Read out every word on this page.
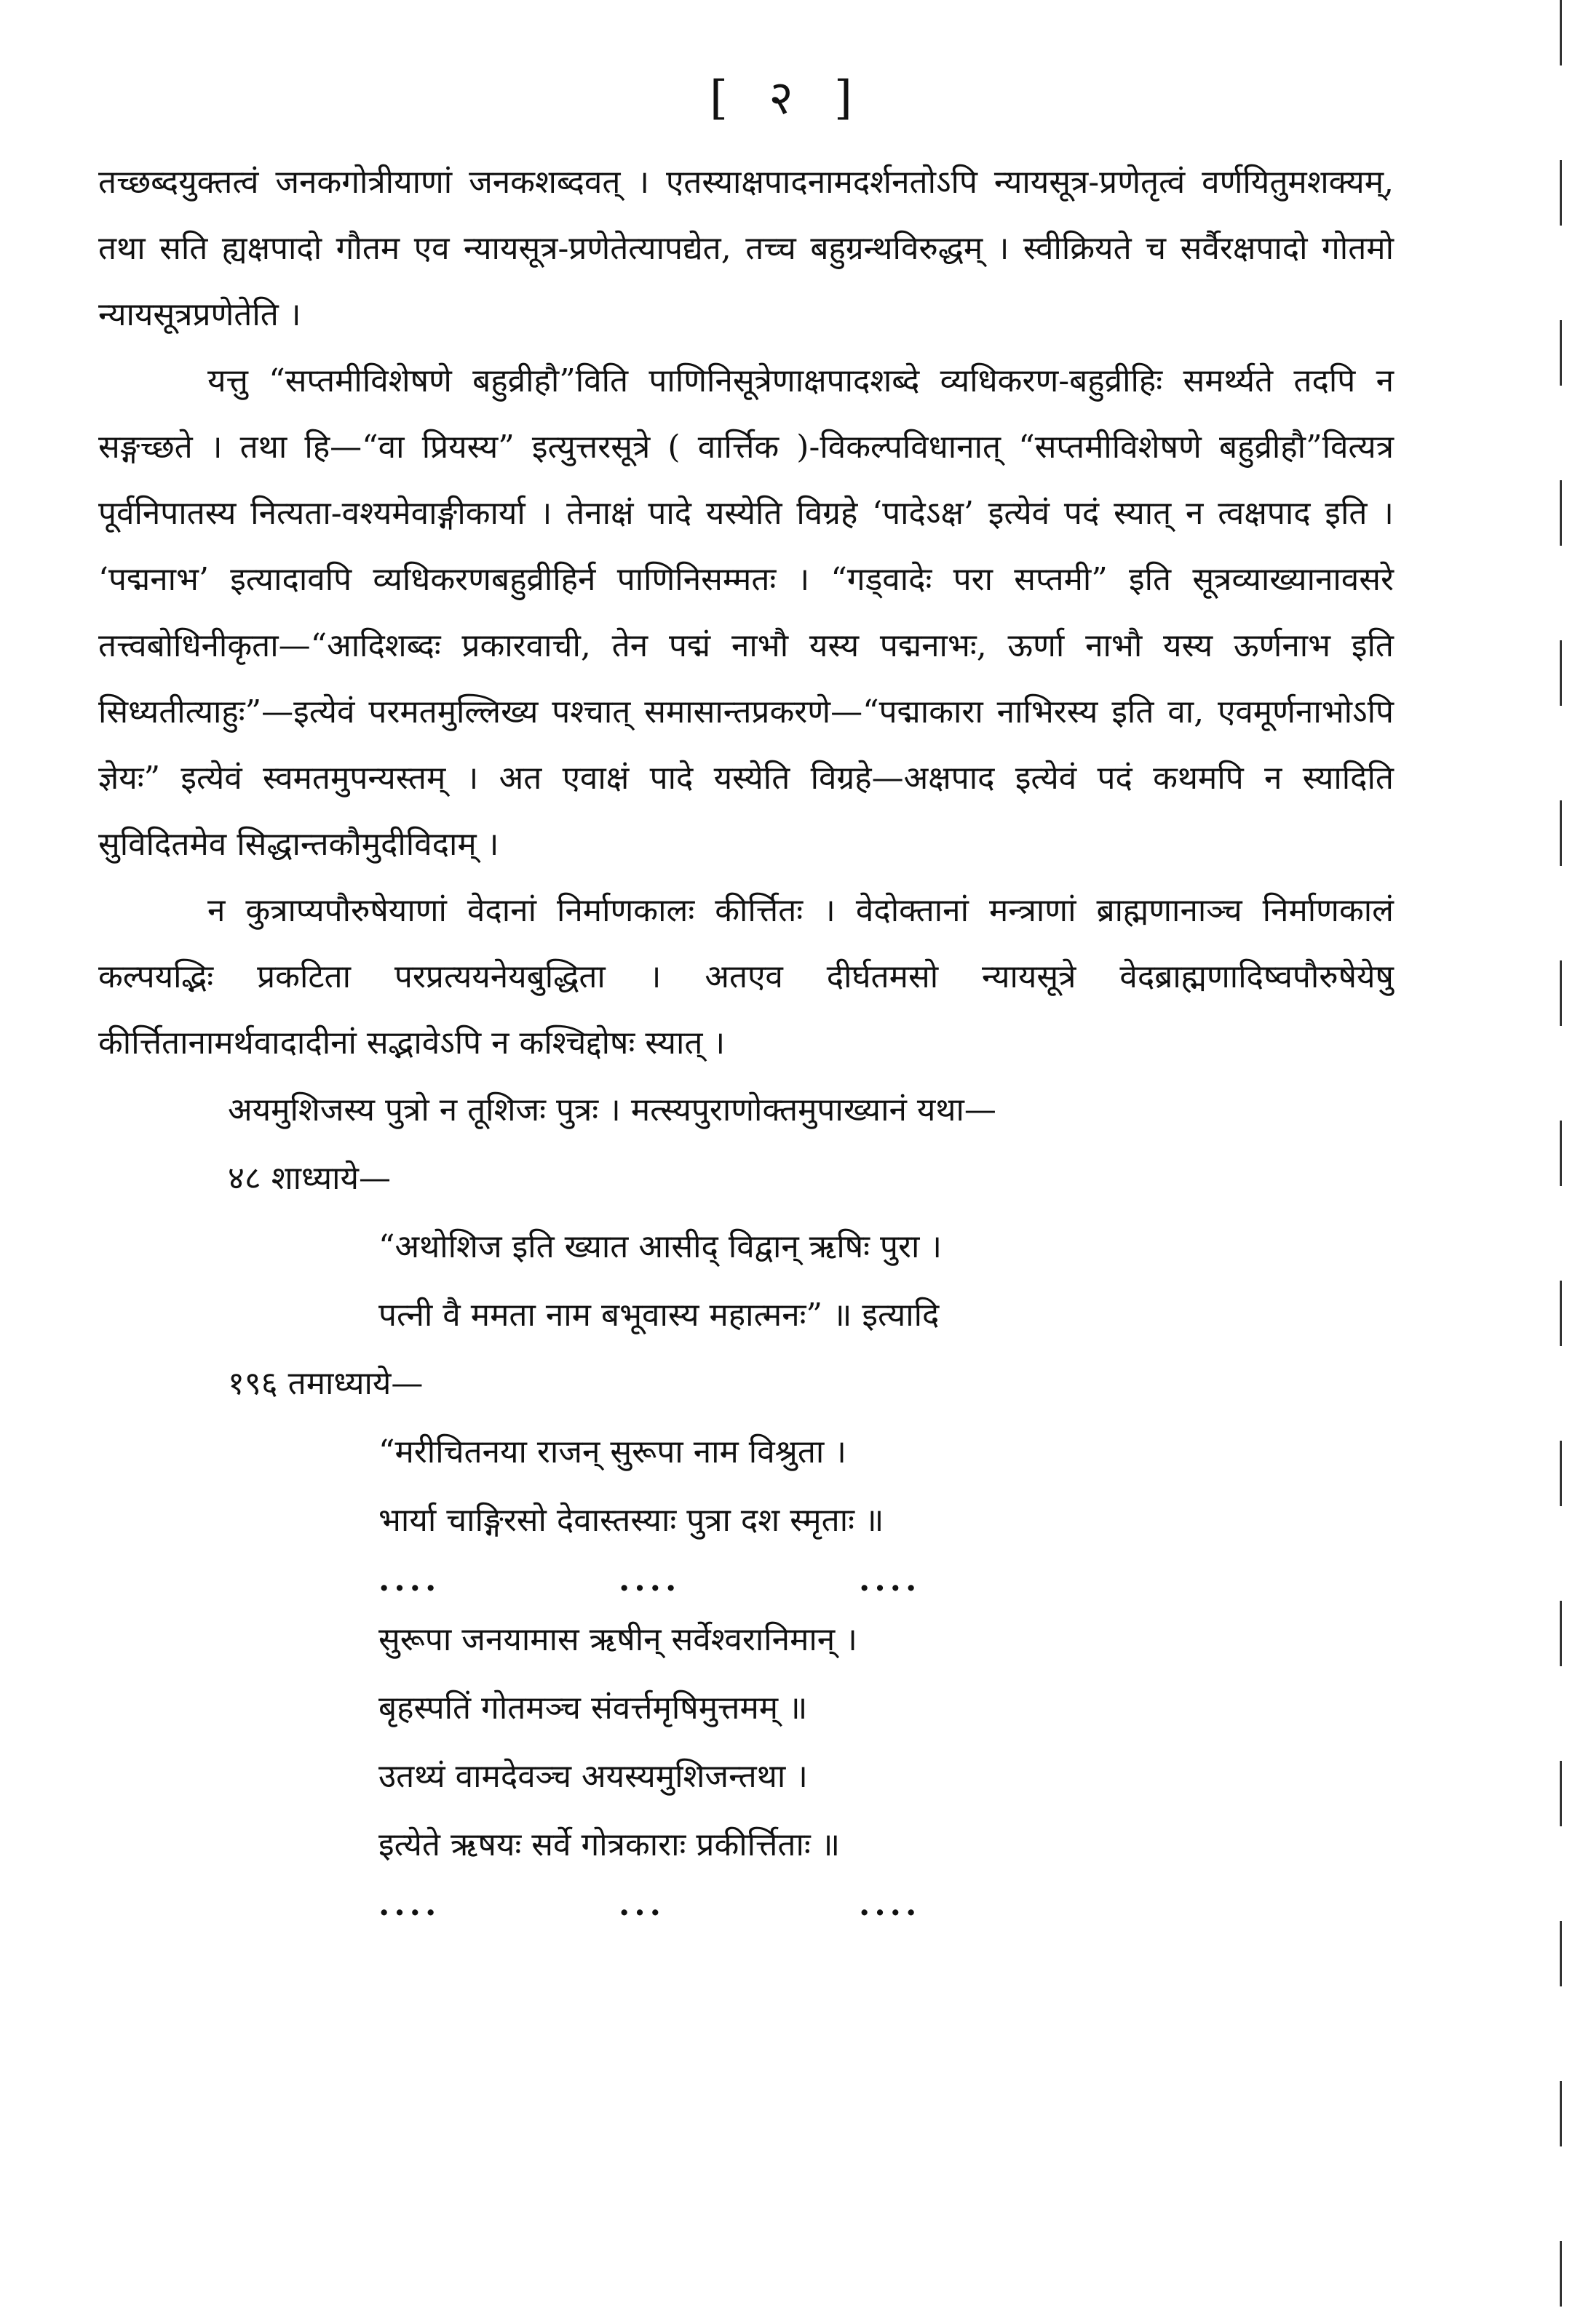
[ २ ]

तच्छब्दयुक्तत्वं जनकगोत्रीयाणां जनकशब्दवत् । एतस्याक्षपादनामदर्शनतोऽपि न्यायसूत्र-प्रणेतृत्वं वर्णयितुमशक्यम्, तथा सति ह्यक्षपादो गौतम एव न्यायसूत्र-प्रणेतेत्यापद्येत, तच्च बहुग्रन्थविरुद्धम् । स्वीक्रियते च सर्वैरक्षपादो गोतमो न्यायसूत्रप्रणेतेति ।

यत्तु “सप्तमीविशेषणे बहुव्रीहौ”विति पाणिनिसूत्रेणाक्षपादशब्दे व्यधिकरण-बहुव्रीहिः समर्थ्यते तदपि न सङ्गच्छते । तथा हि—“वा प्रियस्य” इत्युत्तरसूत्रे ( वार्त्तिक )-विकल्पविधानात् “सप्तमीविशेषणे बहुव्रीहौ”वित्यत्र पूर्वनिपातस्य नित्यता-वश्यमेवाङ्गीकार्या । तेनाक्षं पादे यस्येति विग्रहे ‘पादेऽक्ष’ इत्येवं पदं स्यात् न त्वक्षपाद इति । ‘पद्मनाभ’ इत्यादावपि व्यधिकरणबहुव्रीहिर्न पाणिनिसम्मतः । “गड्वादेः परा सप्तमी” इति सूत्रव्याख्यानावसरे तत्त्वबोधिनीकृता—“आदिशब्दः प्रकारवाची, तेन पद्मं नाभौ यस्य पद्मनाभः, ऊर्णा नाभौ यस्य ऊर्णनाभ इति सिध्यतीत्याहुः”—इत्येवं परमतमुल्लिख्य पश्चात् समासान्तप्रकरणे—“पद्माकारा नाभिरस्य इति वा, एवमूर्णनाभोऽपि ज्ञेयः” इत्येवं स्वमतमुपन्यस्तम् । अत एवाक्षं पादे यस्येति विग्रहे—अक्षपाद इत्येवं पदं कथमपि न स्यादिति सुविदितमेव सिद्धान्तकौमुदीविदाम् ।

न कुत्राप्यपौरुषेयाणां वेदानां निर्माणकालः कीर्त्तितः । वेदोक्तानां मन्त्राणां ब्राह्मणानाञ्च निर्माणकालं कल्पयद्भिः प्रकटिता परप्रत्ययनेयबुद्धिता । अतएव दीर्घतमसो न्यायसूत्रे वेदब्राह्मणादिष्वपौरुषेयेषु कीर्त्तितानामर्थवादादीनां सद्भावेऽपि न कश्चिद्दोषः स्यात् ।

अयमुशिजस्य पुत्रो न तूशिजः पुत्रः । मत्स्यपुराणोक्तमुपाख्यानं यथा—

४८ शाध्याये—

“अथोशिज इति ख्यात आसीद् विद्वान् ऋषिः पुरा ।

पत्नी वै ममता नाम बभूवास्य महात्मनः” ॥ इत्यादि

१९६ तमाध्याये—

“मरीचितनया राजन् सुरूपा नाम विश्रुता ।

भार्या चाङ्गिरसो देवास्तस्याः पुत्रा दश स्मृताः ॥

....	....	....

सुरूपा जनयामास ऋषीन् सर्वेश्वरानिमान् ।

बृहस्पतिं गोतमञ्च संवर्त्तमृषिमुत्तमम् ॥

उतथ्यं वामदेवञ्च अयस्यमुशिजन्तथा ।

इत्येते ऋषयः सर्वे गोत्रकाराः प्रकीर्त्तिताः ॥

....	...	....
